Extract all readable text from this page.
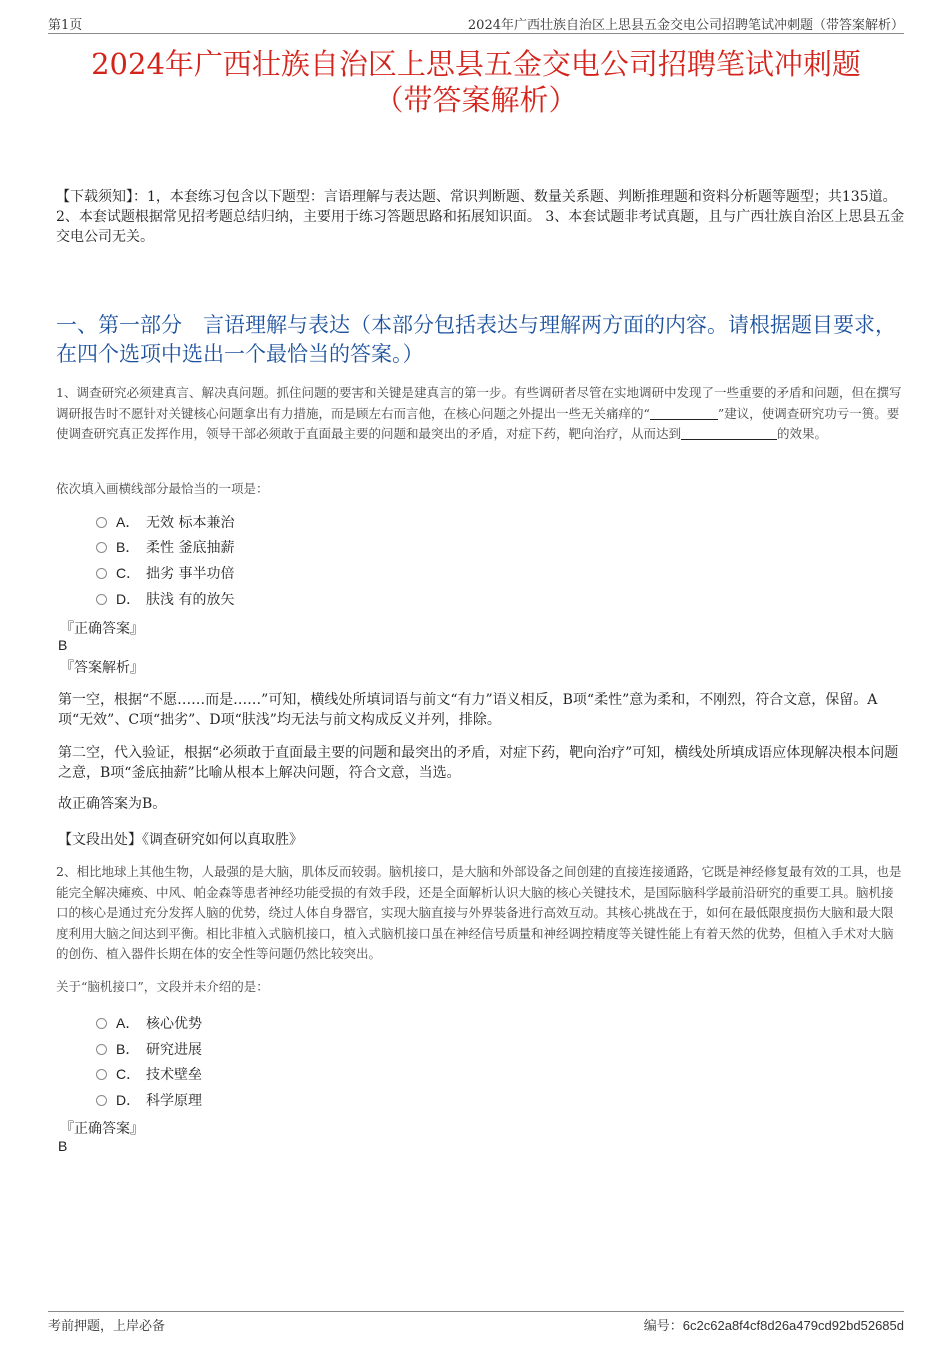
第1页	2024年广西壮族自治区上思县五金交电公司招聘笔试冲刺题（带答案解析）
2024年广西壮族自治区上思县五金交电公司招聘笔试冲刺题
（带答案解析）
【下载须知】：1，本套练习包含以下题型：言语理解与表达题、常识判断题、数量关系题、判断推理题和资料分析题等题型；共135道。 2、本套试题根据常见招考题总结归纳，主要用于练习答题思路和拓展知识面。 3、本套试题非考试真题，且与广西壮族自治区上思县五金交电公司无关。
一、第一部分　言语理解与表达（本部分包括表达与理解两方面的内容。请根据题目要求，在四个选项中选出一个最恰当的答案。）
1、调查研究必须建真言、解决真问题。抓住问题的要害和关键是建真言的第一步。有些调研者尽管在实地调研中发现了一些重要的矛盾和问题，但在撰写调研报告时不愿针对关键核心问题拿出有力措施，而是顾左右而言他，在核心问题之外提出一些无关痛痒的“	”建议，使调查研究功亏一篑。要使调查研究真正发挥作用，领导干部必须敢于直面最主要的问题和最突出的矛盾，对症下药，靶向治疗，从而达到	的效果。
依次填入画横线部分最恰当的一项是：
A． 无效 标本兼治
B． 柔性 釜底抽薪
C． 拙劣 事半功倍
D． 肤浅 有的放矢
『正确答案』
B
『答案解析』
第一空，根据“不愿……而是……”可知，横线处所填词语与前文“有力”语义相反，B项“柔性”意为柔和，不刚烈，符合文意，保留。A项“无效”、C项“拙劣”、D项“肤浅”均无法与前文构成反义并列，排除。
第二空，代入验证，根据“必须敢于直面最主要的问题和最突出的矛盾，对症下药，靶向治疗”可知，横线处所填成语应体现解决根本问题之意，B项“釜底抽薪”比喻从根本上解决问题，符合文意，当选。
故正确答案为B。
【文段出处】《调查研究如何以真取胜》
2、相比地球上其他生物，人最强的是大脑，肌体反而较弱。脑机接口，是大脑和外部设备之间创建的直接连接通路，它既是神经修复最有效的工具，也是能完全解决瘫痪、中风、帕金森等患者神经功能受损的有效手段，还是全面解析认识大脑的核心关键技术，是国际脑科学最前沿研究的重要工具。脑机接口的核心是通过充分发挥人脑的优势，绕过人体自身器官，实现大脑直接与外界装备进行高效互动。其核心挑战在于，如何在最低限度损伤大脑和最大限度利用大脑之间达到平衡。相比非植入式脑机接口，植入式脑机接口虽在神经信号质量和神经调控精度等关键性能上有着天然的优势，但植入手术对大脑的创伤、植入器件长期在体的安全性等问题仍然比较突出。
关于“脑机接口”，文段并未介绍的是：
A． 核心优势
B． 研究进展
C． 技术壁垒
D． 科学原理
『正确答案』
B
考前押题，上岸必备	编号：6c2c62a8f4cf8d26a479cd92bd52685d
